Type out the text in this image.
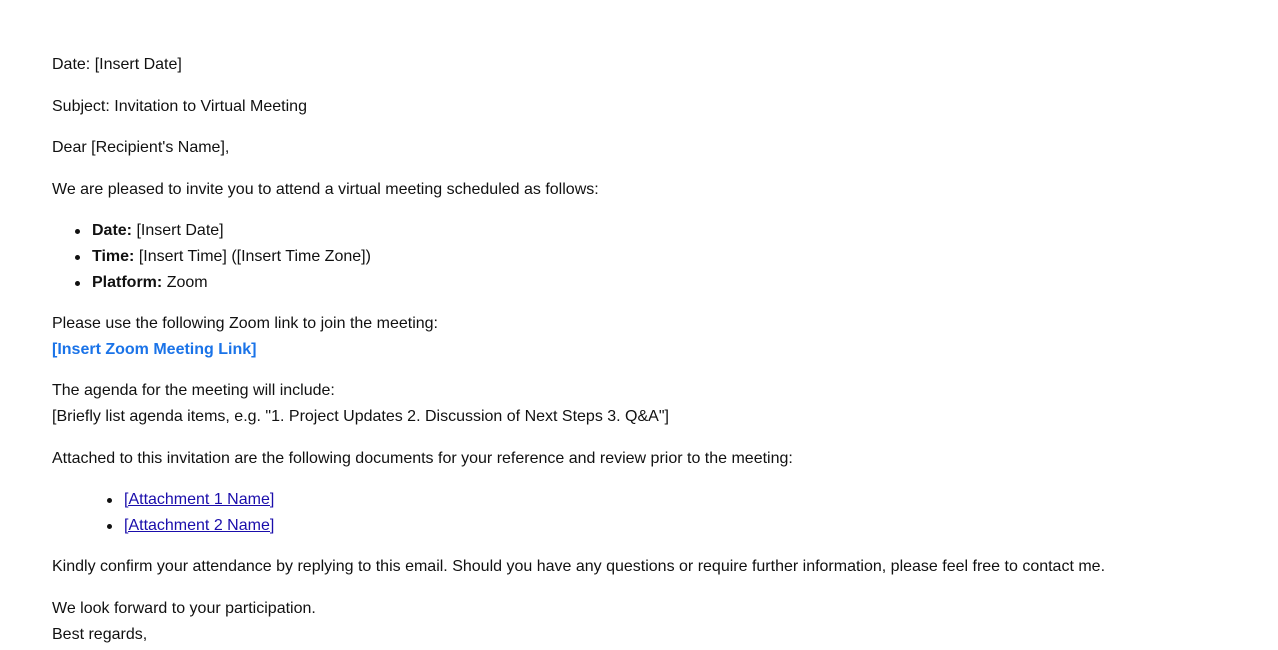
Date: [Insert Date]
Subject: Invitation to Virtual Meeting
Dear [Recipient's Name],
We are pleased to invite you to attend a virtual meeting scheduled as follows:
Date: [Insert Date]
Time: [Insert Time] ([Insert Time Zone])
Platform: Zoom
Please use the following Zoom link to join the meeting:
[Insert Zoom Meeting Link]
The agenda for the meeting will include:
[Briefly list agenda items, e.g. "1. Project Updates 2. Discussion of Next Steps 3. Q&A"]
Attached to this invitation are the following documents for your reference and review prior to the meeting:
[Attachment 1 Name]
[Attachment 2 Name]
Kindly confirm your attendance by replying to this email. Should you have any questions or require further information, please feel free to contact me.
We look forward to your participation.
Best regards,
